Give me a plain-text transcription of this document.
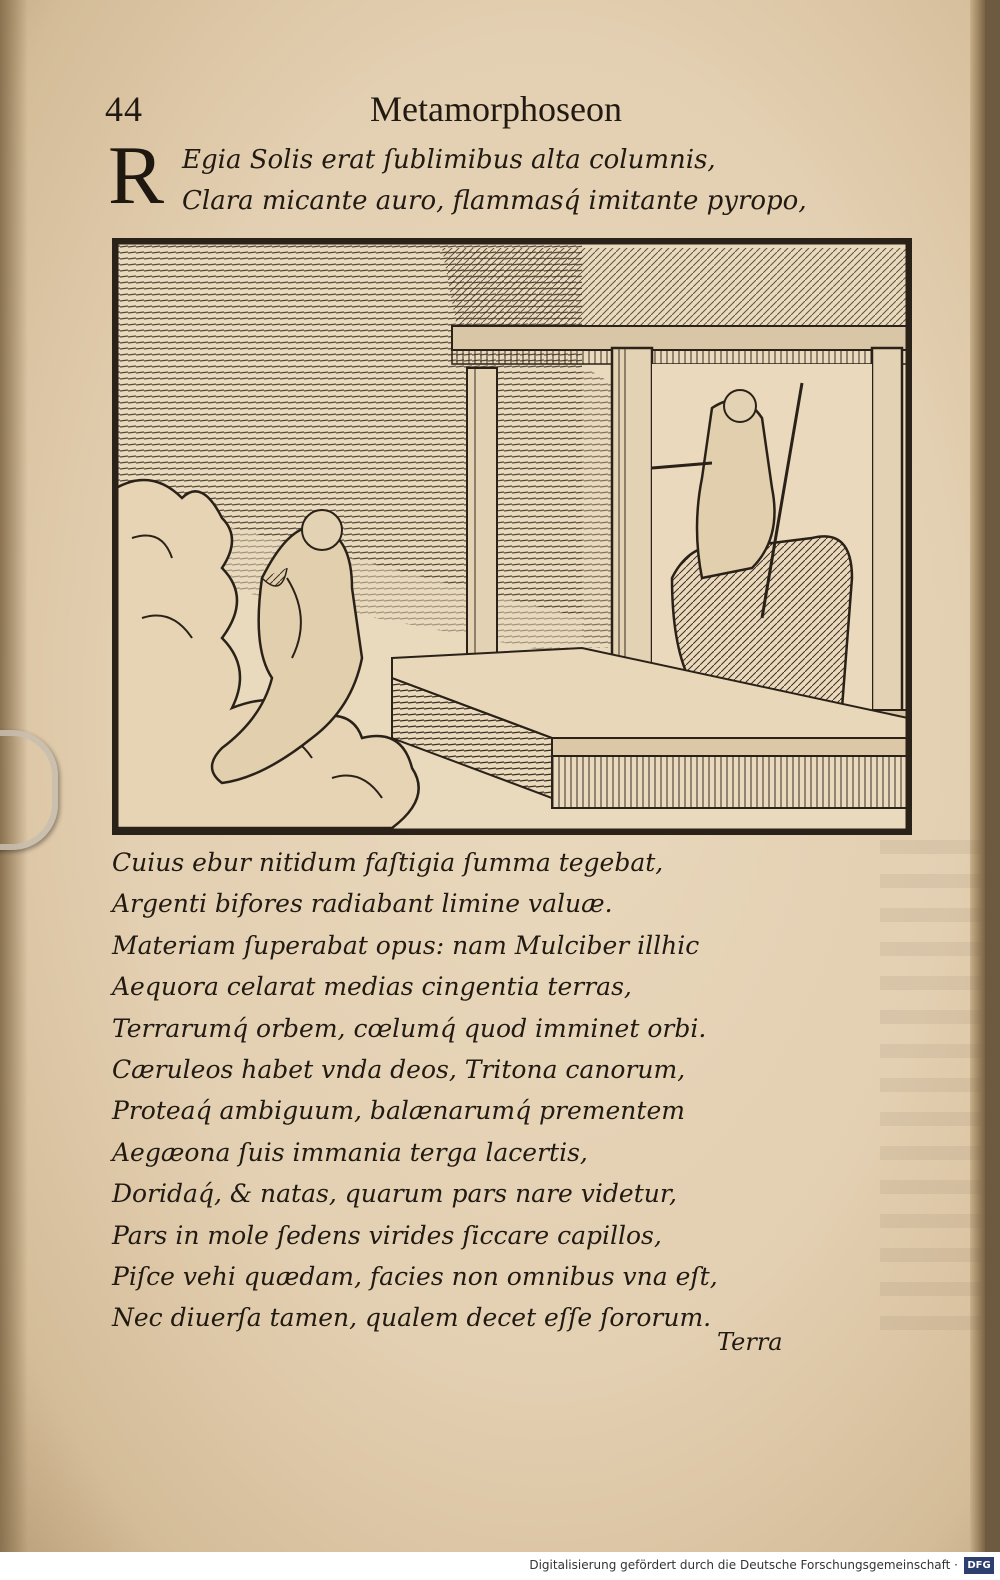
44	Metamorphoseon
R Egia Solis erat ſublimibus alta columnis,
Clara micante auro, flammasq́ imitante pyropo,
Cuius ebur nitidum faſtigia ſumma tegebat,
Argenti bifores radiabant limine valuæ.
Materiam ſuperabat opus: nam Mulciber illhic
Aequora celarat medias cingentia terras,
Terrarumq́ orbem, cœlumq́ quod imminet orbi.
Cæruleos habet vnda deos, Tritona canorum,
Proteaq́ ambiguum, balænarumq́ prementem
Aegæona ſuis immania terga lacertis,
Doridaq́, & natas, quarum pars nare videtur,
Pars in mole ſedens virides ſiccare capillos,
Piſce vehi quædam, facies non omnibus vna eſt,
Nec diuerſa tamen, qualem decet eſſe ſororum.
Terra
Digitalisierung gefördert durch die Deutsche Forschungsgemeinschaft · DFG
